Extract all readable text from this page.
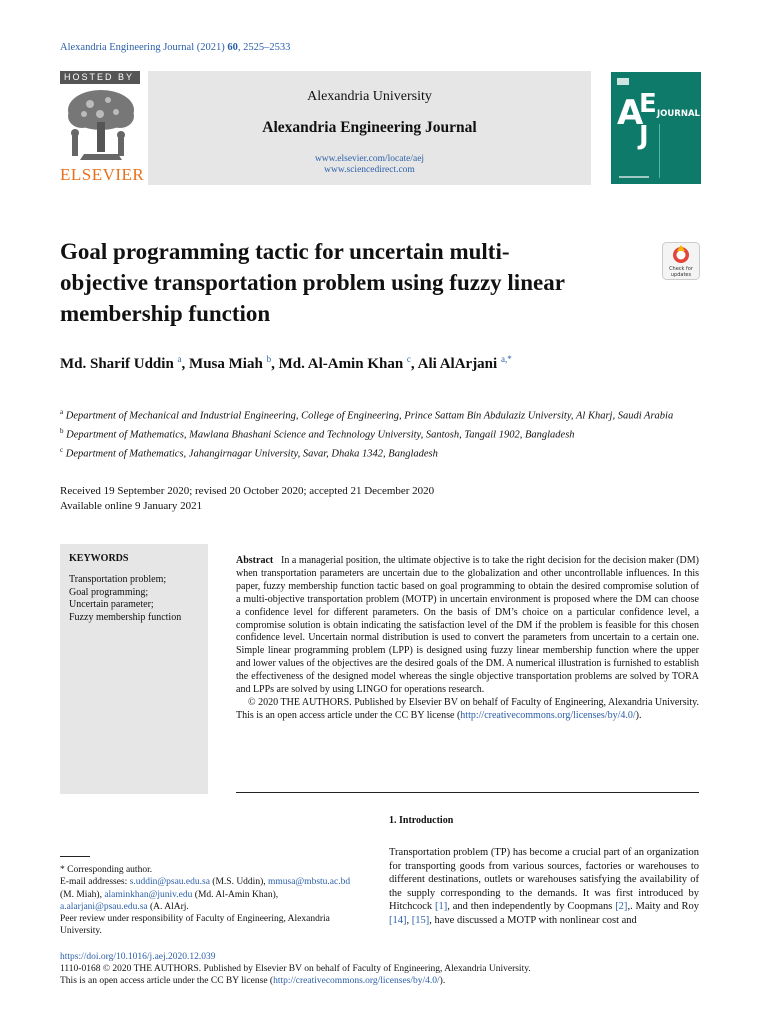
Alexandria Engineering Journal (2021) 60, 2525–2533
HOSTED BY
ELSEVIER
Alexandria University
Alexandria Engineering Journal
www.elsevier.com/locate/aej
www.sciencedirect.com
A
E
J
JOURNAL
Goal programming tactic for uncertain multi-objective transportation problem using fuzzy linear membership function
Check for
updates
Md. Sharif Uddin $^a$, Musa Miah $^b$, Md. Al-Amin Khan $^c$, Ali AlArjani $^{a,*}$
$^a$ Department of Mechanical and Industrial Engineering, College of Engineering, Prince Sattam Bin Abdulaziz University, Al Kharj, Saudi Arabia
$^b$ Department of Mathematics, Mawlana Bhashani Science and Technology University, Santosh, Tangail 1902, Bangladesh
$^c$ Department of Mathematics, Jahangirnagar University, Savar, Dhaka 1342, Bangladesh
Received 19 September 2020; revised 20 October 2020; accepted 21 December 2020
Available online 9 January 2021
KEYWORDS
Transportation problem;
Goal programming;
Uncertain parameter;
Fuzzy membership function

Abstract In a managerial position, the ultimate objective is to take the right decision for the decision maker (DM) when transportation parameters are uncertain due to the globalization and other uncontrollable influences. In this paper, fuzzy membership function tactic based on goal programming to obtain the desired compromise solution of a multi-objective transportation problem (MOTP) in uncertain environment is proposed where the DM can choose a confidence level for different parameters. On the basis of DM’s choice on a particular confidence level, a compromise solution is obtain indicating the satisfaction level of the DM if the problem is feasible for this chosen confidence level. Uncertain normal distribution is used to convert the parameters from uncertain to a certain one. Simple linear programming problem (LPP) is designed using fuzzy linear membership function where the upper and lower values of the objectives are the desired goals of the DM. A numerical illustration is furnished to establish the effectiveness of the designed model whereas the single objective transportation problems are solved by TORA and LPPs are solved by using LINGO for operations research.

© 2020 THE AUTHORS. Published by Elsevier BV on behalf of Faculty of Engineering, Alexandria University. This is an open access article under the CC BY license (http://creativecommons.org/licenses/by/4.0/).

1. Introduction
Transportation problem (TP) has become a crucial part of an organization for transporting goods from various sources, factories or warehouses to different destinations, outlets or warehouses satisfying the availability of the supply corresponding to the demands. It was first introduced by Hitchcock [1], and then independently by Coopmans [2],. Maity and Roy [14], [15], have discussed a MOTP with nonlinear cost and

* Corresponding author.

E-mail addresses: s.uddin@psau.edu.sa (M.S. Uddin), mmusa@mbstu.ac.bd (M. Miah), alaminkhan@juniv.edu (Md. Al-Amin Khan), a.alarjani@psau.edu.sa (A. AlArj.

Peer review under responsibility of Faculty of Engineering, Alexandria University.

https://doi.org/10.1016/j.aej.2020.12.039

1110-0168 © 2020 THE AUTHORS. Published by Elsevier BV on behalf of Faculty of Engineering, Alexandria University.

This is an open access article under the CC BY license (http://creativecommons.org/licenses/by/4.0/).
